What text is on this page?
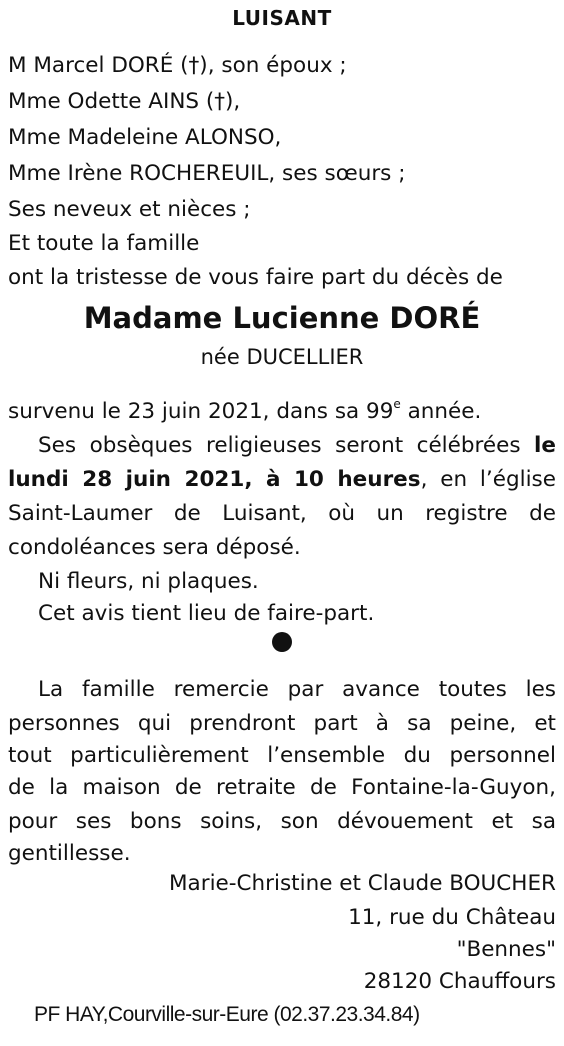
LUISANT
M Marcel DORÉ (†), son époux ;
Mme Odette AINS (†),
Mme Madeleine ALONSO,
Mme Irène ROCHEREUIL, ses sœurs ;
Ses neveux et nièces ;
Et toute la famille
ont la tristesse de vous faire part du décès de
Madame Lucienne DORÉ
née DUCELLIER
survenu le 23 juin 2021, dans sa 99e année.
Ses obsèques religieuses seront célébrées le
lundi 28 juin 2021, à 10 heures, en l’église
Saint-Laumer de Luisant, où un registre de
condoléances sera déposé.
Ni fleurs, ni plaques.
Cet avis tient lieu de faire-part.
La famille remercie par avance toutes les
personnes qui prendront part à sa peine, et
tout particulièrement l’ensemble du personnel
de la maison de retraite de Fontaine-la-Guyon,
pour ses bons soins, son dévouement et sa
gentillesse.
Marie-Christine et Claude BOUCHER
11, rue du Château
"Bennes"
28120 Chauffours
PF HAY,Courville-sur-Eure (02.37.23.34.84)
